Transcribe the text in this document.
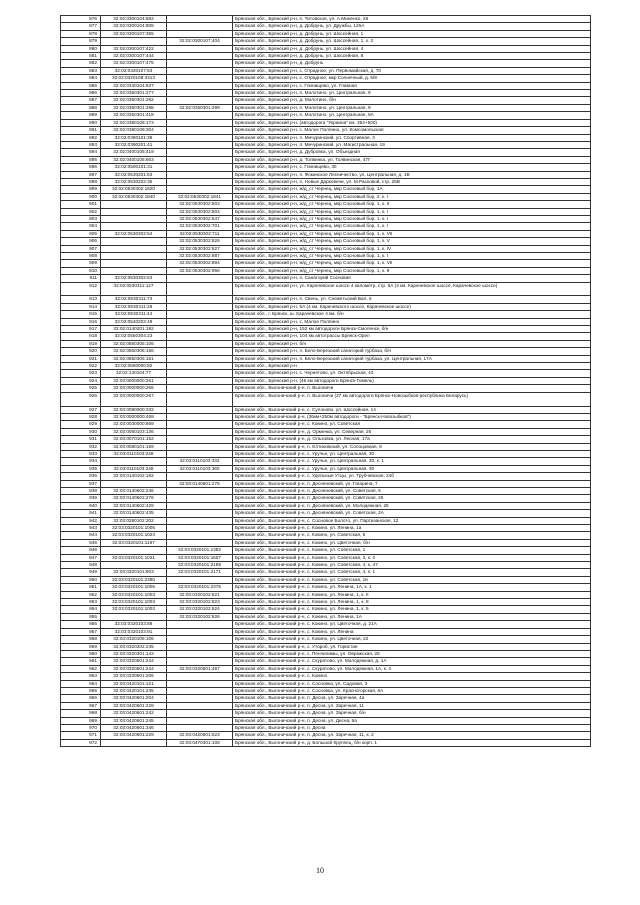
876	32:02:0300104:882		Брянская обл., Брянский р-н, п. Титовское, ул. А.Миненко, 28
877	32:02:0300104:808		Брянская обл., Брянский р-н, д. Добрунь, ул. Дружбы, 126А
878	32:02:0300107:355		Брянская обл., Брянский р-н, д. Добрунь, ул. Шоссейная, 1
879		32:02:0300107:404	Брянская обл., Брянский р-н, д. Добрунь, ул. Шоссейная, 1, к. 2
880	32:02:0300107:422		Брянская обл., Брянский р-н, д. Добрунь, ул. Шоссейная, 4
881	32:02:0300107:444		Брянская обл., Брянский р-н, д. Добрунь, ул. Шоссейная, 8
882	32:02:0300107:475		Брянская обл., Брянский р-н, д. Добрунь
883	32:02:0320107:53		Брянская обл., Брянский р-н, с. Отрадное, ул. Первомайская, д. 70
884	32:02:0320108:3313		Брянская обл., Брянский р-н, с. Отрадное, мкр Солнечный, д. 5/8
885	32:02:0340104:827		Брянская обл., Брянский р-н, с. Глинищево, ул. Главная
886	32:02:0350301:277		Брянская обл., Брянский р-н, п. Молотино, ул. Центральная, 9
887	32:02:0350301:282		Брянская обл., Брянский р-н, д. Молотино, б/н
888	32:02:0350301:298	32:02:0350301:299	Брянская обл., Брянский р-н, п. Молотино, ул. Центральная, 9
889	32:02:0350301:419		Брянская обл., Брянский р-н, п. Молотино, ул. Центральная, 9А
890	32:02:0380108:173		Брянская обл., Брянский р-н, (автодорога "Украина" км. 354+500)
891	32:02:0380108:304		Брянская обл., Брянский р-н, с. Малое Полпино, ул. Комсомольская
892	32:02:0390101:38		Брянская обл., Брянский р-н, п. Мичуринский, ул. Спортивная, 3
893	32:02:0390201:41		Брянская обл., Брянский р-н, п. Мичуринский, ул. Магистральная, 19
894	32:02:0400105:419		Брянская обл., Брянский р-н, д. Дубровка, ул. Объездная
895	32:02:0400105:663		Брянская обл., Брянский р-н, д. Толвинка, ул. Толвинская, 47Г
896	32:02:0500101:31		Брянская обл., Брянский р-н, с. Глинищево, 30
897	32:02:0530201:63		Брянская обл., Брянский р-н, п. Фокинское Лесничество, ул. Центральная, д. 1В
898	32:02:0530202:35		Брянская обл., Брянский р-н, п. Новые Дарковичи, ул. М.Расковой, стр. 25В
899	32:02:0530302:1820		Брянская обл., Брянский р-н, ж/д_ст Чернец, мкр Сосновый бор, 1А
900	32:02:0530302:1840	32:02:0530302:1841	Брянская обл., Брянский р-н, ж/д_ст Чернец, мкр Сосновый бор, 2, к. I
901		32:02:0530302:503	Брянская обл., Брянский р-н, ж/д_ст Чернец, мкр Сосновый бор, 1, к. II
902		32:02:0530302:504	Брянская обл., Брянский р-н, ж/д_ст Чернец, мкр Сосновый бор, 1, к. I
903		32:02:0530302:547	Брянская обл., Брянский р-н, ж/д_ст Чернец, мкр Сосновый бор, 1, к. I
904		32:02:0530302:701	Брянская обл., Брянский р-н, ж/д_ст Чернец, мкр Сосновый бор, 1, к. I
905	32:02:0530302:54	32:02:0530302:711	Брянская обл., Брянский р-н, ж/д_ст Чернец, мкр Сосновый бор, 1, к. VII
906		32:02:0530302:826	Брянская обл., Брянский р-н, ж/д_ст Чернец, мкр Сосновый бор, 1, к. V
907		32:02:0530302:827	Брянская обл., Брянский р-н, ж/д_ст Чернец, мкр Сосновый бор, 1, к. IV
908		32:02:0530302:887	Брянская обл., Брянский р-н, ж/д_ст Чернец, мкр Сосновый бор, 1, к. I
909		32:02:0530302:894	Брянская обл., Брянский р-н, ж/д_ст Чернец, мкр Сосновый бор, 1, к. VII
910		32:02:0530302:956	Брянская обл., Брянский р-н, ж/д_ст Чернец, мкр Сосновый бор, 1, к. 9
911	32:02:0530302:63		Брянская обл., Брянский р-н, п. Санаторий Сосновая
912	32:02:0530311:127		Брянская обл., Брянский р-н, ул. Карачевское шоссе 4 километр, стр. 5А (4 км. Карачевское шоссе, Карачевское шоссе)
913	32:02:0530311:73		Брянская обл., Брянский р-н, п. Свень, ул. Снежетьский Вал, 6
914	32:02:0530311:28		Брянская обл., Брянский р-н, 5А (4 км. Карачевского шоссе, Карачевское шоссе)
915	32:02:0530311:44		Брянская обл., г. Брянск, ш. Карачевское 4 км. б/н
916	32:02:0540202:49		Брянская обл., Брянский р-н, с. Малое Полпино
917	32:02:0140201:192		Брянская обл., Брянский р-н, 152 км автодороги Брянск-Смоленск, б/н
918	32:02:0550304:23		Брянская обл., Брянский р-н, 104 км автотрассы Брянск-Орел
919	32:02:0550305:106		Брянская обл., Брянский р-н, б/н
920	32:02:0550305:166		Брянская обл., Брянский р-н, п. Бело-Березский санаторий турбаза, б/н
921	32:02:0550305:161		Брянская обл., Брянский р-н, п. Бело-Березский санаторий турбаза, ул. Центральная, 17А
922	32:02:0580000:82		Брянская обл., Брянский р-н
923	32:02:130104:77		Брянская обл., Брянский р-н, с. Чернетово, ул. Октябрьская, 43
924	32:03:0000000:261		Брянская обл., Брянский р-н, (46 км автодороги Брянск-Гомель)
925	32:03:0000000:266		Брянская обл., Выгоничский р-н, п. Выгоничи
926	32:03:0000000:267		Брянская обл., Выгоничский р-н, п. Выгоничи (27 км автодороги Брянск-Новозыбков-республика Беларусь)
927	32:03:0080000:332		Брянская обл., Выгоничский р-н, с. Сулоново, ул. Шоссейная, 14
928	32:03:0000000:459		Брянская обл., Выгоничский р-н, (36км+250м автодороги - "Брянск-Новозыбков")
929	32:03:0030000:869		Брянская обл., Выгоничский р-н, с. Кокино, ул. Советская
930	32:03:0050103:136		Брянская обл., Выгоничский р-н, д. Орменка, ул. Северная, 26
931	32:03:0070101:152		Брянская обл., Выгоничский р-н, д. Ольховка, ул. Лесная, 17а
932	32:03:0080101:159		Брянская обл., Выгоничский р-н, п. Елтиковский, ул. Солоцовная, 9
933	32:03:0110103:248		Брянская обл., Выгоничский р-н, с. Уручье, ул. Центральная, 30
934		32:03:0110103:332	Брянская обл., Выгоничский р-н, с. Уручье, ул. Центральная, 30, к. 1
935	32:03:0110103:248	32:03:0110103:360	Брянская обл., Выгоничский р-н, с. Уручье, ул. Центральная, 30
936	32:03:0140102:182		Брянская обл., Выгоничский р-н, с. Удельные Утцы, ул. Трубчевская, 24б
937		32:03:0140601:276	Брянская обл., Выгоничский р-н, п. Десняневский, ул. Гагарина, 7
938	32:03:0140602:246		Брянская обл., Выгоничский р-н, п. Десняневский, ул. Советская, 5
939	32:03:0140602:276		Брянская обл., Выгоничский р-н, п. Десняневский, ул. Советская, 26
940	32:03:0140602:429		Брянская обл., Выгоничский р-н, п. Десняневский, ул. Молодежная, 25
941	32:03:0140602:435		Брянская обл., Выгоничский р-н, п. Десняневский, ул. Советская, 2А
942	32:03:0280102:202		Брянская обл., Выгоничский р-н, с. Сосновое Болото, ул. Партизанская, 12
943	32:03:0320101:1005		Брянская обл., Выгоничский р-н, с. Кокино, ул. Ленина, 1а
944	32:03:0320101:1023		Брянская обл., Выгоничский р-н, с. Кокино, ул. Советская, 5
945	32:03:0320101:1197		Брянская обл., Выгоничский р-н, с. Кокино, ул. Цветочная, б/н
946		32:03:0320101:1382	Брянская обл., Выгоничский р-н, с. Кокино, ул. Советская, 1
947	32:03:0320101:1021	32:03:0320101:1607	Брянская обл., Выгоничский р-н, с. Кокино, ул. Советская, 3, к. 2
948		32:03:0320101:2169	Брянская обл., Выгоничский р-н, с. Кокино, ул. Советская, 4, к. 47
949	32:03:0320101:803	32:03:0320101:2171	Брянская обл., Выгоничский р-н, с. Кокино, ул. Советская, 4, к. 1
950	32:03:0320101:2380		Брянская обл., Выгоничский р-н, с. Кокино, ул. Советская, 1в
951	32:03:0320101:1005	32:03:0320101:2376	Брянская обл., Выгоничский р-н, с. Кокино, ул. Ленина, 1А, к. 1
952	32:03:0320101:1003	32:03:0320102:821	Брянская обл., Выгоничский р-н, с. Кокино, ул. Ленина, 1, к. II
953	32:03:0320101:1003	32:03:0320102:823	Брянская обл., Выгоничский р-н, с. Кокино, ул. Ленина, 1, к. 8
954	32:03:0320101:1003	32:03:0320102:824	Брянская обл., Выгоничский р-н, с. Кокино, ул. Ленина, 1, к. 5
955		32:03:0320102:826	Брянская обл., Выгоничский р-н, с. Кокино, ул. Ленина, 1А
956	32:03:0320103:88		Брянская обл., Выгоничский р-н, с. Кокино, ул. Цветочная, д. 21А
957	32:03:0320103:91		Брянская обл., Выгоничский р-н, с. Кокино, ул. Ленина
958	32:03:0320105:106		Брянская обл., Выгоничский р-н, с. Кокино, ул. Цветочная, 22
959	32:03:0320202:235		Брянская обл., Выгоничский р-н, с. Утороб, ул. Гористая
960	32:03:0320301:143		Брянская обл., Выгоничский р-н, с. Пенчилимы, ул. Овражская, 25
961	32:03:0320501:244		Брянская обл., Выгоничский р-н, с. Скуратово, ул. Молодежная, д. 1А
962	32:03:0320501:244	32:03:0320501:457	Брянская обл., Выгоничский р-н, с. Скуратово, ул. Молодежная, 1А, к. 3
963	32:03:0330501:206		Брянская обл., Выгоничский р-н, с. Кокино
964	32:03:0420101:121		Брянская обл., Выгоничский р-н, с. Сосновка, ул. Садовая, 3
965	32:03:0420101:235		Брянская обл., Выгоничский р-н, с. Сосновка, ул. Красногорская, 6А
966	32:03:0420601:204		Брянская обл., Выгоничский р-н, п. Десна, ул. Заречная, 4а
967	32:03:0420601:229		Брянская обл., Выгоничский р-н, п. Десна, ул. Заречная, 11
968	32:03:0420601:242		Брянская обл., Выгоничский р-н, п. Десна, ул. Заречная, б/н
969	32:03:0420601:245		Брянская обл., Выгоничский р-н, п. Десна, ул. Десна, 6а
970	32:03:0420601:346		Брянская обл., Выгоничский р-н, п. Десна
971	32:03:0420601:229	32:03:0420601:523	Брянская обл., Выгоничский р-н, п. Десна, ул. Заречная, 11, к. 2
972		32:03:0470301:108	Брянская обл., Выгоничский р-н, д. Большой Круппец, б/н корп. 1
10
